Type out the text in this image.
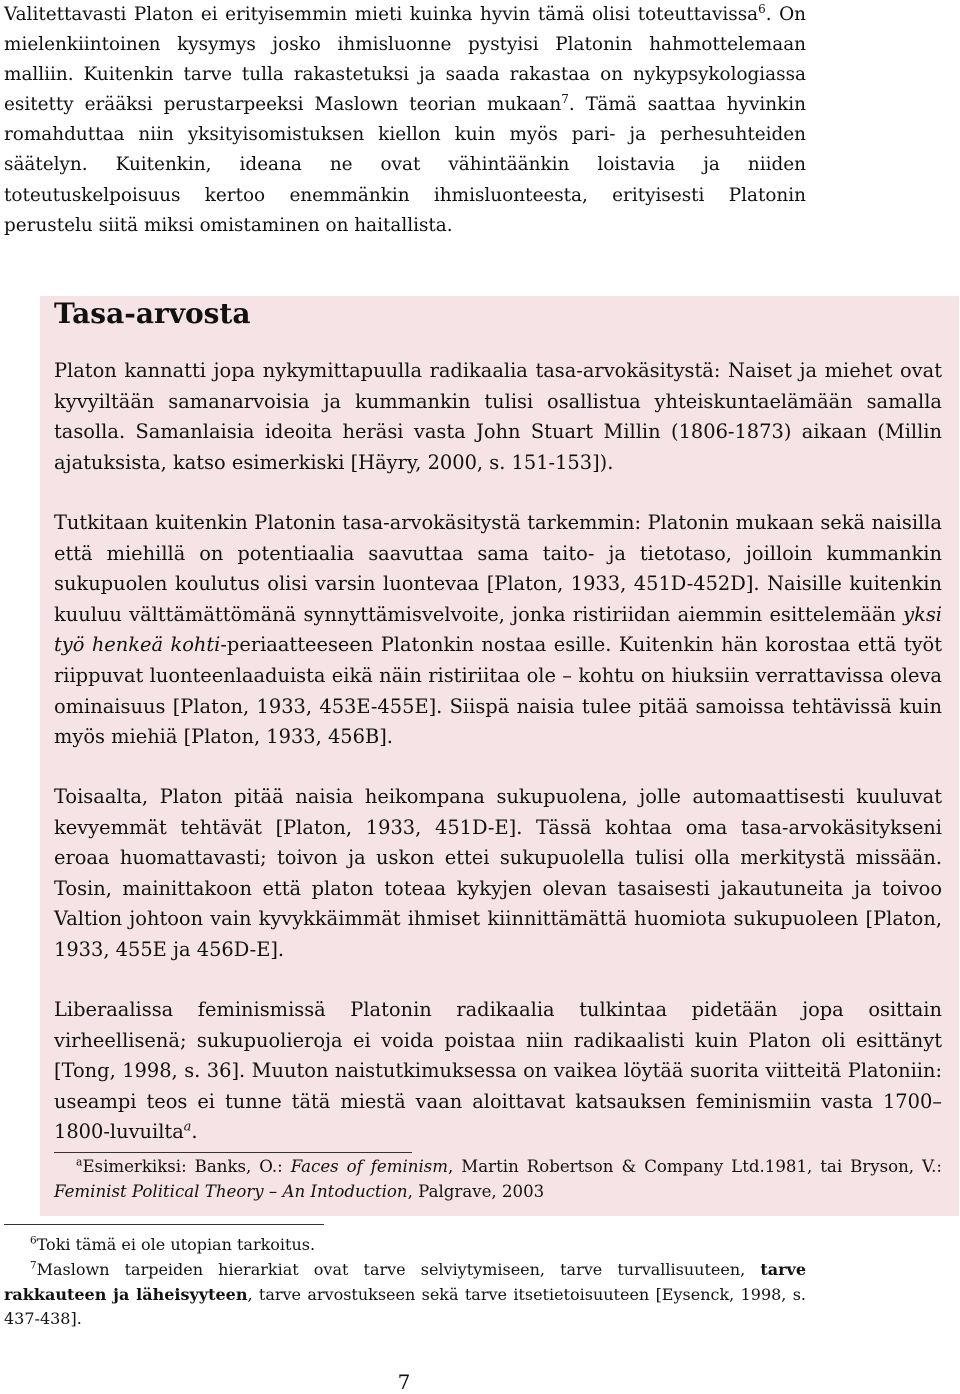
Valitettavasti Platon ei erityisemmin mieti kuinka hyvin tämä olisi toteuttavissa$^6$. On mielenkiintoinen kysymys josko ihmisluonne pystyisi Platonin hahmottelemaan malliin. Kuitenkin tarve tulla rakastetuksi ja saada rakastaa on nykypsykologiassa esitetty erääksi perustarpeeksi Maslown teorian mukaan$^7$. Tämä saattaa hyvinkin romahduttaa niin yksityisomistuksen kiellon kuin myös pari- ja perhesuhteiden säätelyn. Kuitenkin, ideana ne ovat vähintäänkin loistavia ja niiden toteutuskelpoisuus kertoo enemmänkin ihmisluonteesta, erityisesti Platonin perustelu siitä miksi omistaminen on haitallista.

Tasa-arvosta

Platon kannatti jopa nykymittapuulla radikaalia tasa-arvokäsitystä: Naiset ja miehet ovat kyvyiltään samanarvoisia ja kummankin tulisi osallistua yhteiskuntaelämään samalla tasolla. Samanlaisia ideoita heräsi vasta John Stuart Millin (1806-1873) aikaan (Millin ajatuksista, katso esimerkiski [Häyry, 2000, s. 151-153]).

Tutkitaan kuitenkin Platonin tasa-arvokäsitystä tarkemmin: Platonin mukaan sekä naisilla että miehillä on potentiaalia saavuttaa sama taito- ja tietotaso, joilloin kummankin sukupuolen koulutus olisi varsin luontevaa [Platon, 1933, 451D-452D]. Naisille kuitenkin kuuluu välttämättömänä synnyttämisvelvoite, jonka ristiriidan aiemmin esittelemään yksi työ henkeä kohti-periaatteeseen Platonkin nostaa esille. Kuitenkin hän korostaa että työt riippuvat luonteenlaaduista eikä näin ristiriitaa ole – kohtu on hiuksiin verrattavissa oleva ominaisuus [Platon, 1933, 453E-455E]. Siispä naisia tulee pitää samoissa tehtävissä kuin myös miehiä [Platon, 1933, 456B].

Toisaalta, Platon pitää naisia heikompana sukupuolena, jolle automaattisesti kuuluvat kevyemmät tehtävät [Platon, 1933, 451D-E]. Tässä kohtaa oma tasa-arvokäsitykseni eroaa huomattavasti; toivon ja uskon ettei sukupuolella tulisi olla merkitystä missään. Tosin, mainittakoon että platon toteaa kykyjen olevan tasaisesti jakautuneita ja toivoo Valtion johtoon vain kyvykkäimmät ihmiset kiinnittämättä huomiota sukupuoleen [Platon, 1933, 455E ja 456D-E].

Liberaalissa feminismissä Platonin radikaalia tulkintaa pidetään jopa osittain virheellisenä; sukupuolieroja ei voida poistaa niin radikaalisti kuin Platon oli esittänyt [Tong, 1998, s. 36]. Muuton naistutkimuksessa on vaikea löytää suorita viitteitä Platoniin: useampi teos ei tunne tätä miestä vaan aloittavat katsauksen feminismiin vasta 1700–1800-luvuilta$^a$.

$^a$Esimerkiksi: Banks, O.: Faces of feminism, Martin Robertson & Company Ltd.1981, tai Bryson, V.: Feminist Political Theory – An Intoduction, Palgrave, 2003

$^6$Toki tämä ei ole utopian tarkoitus.

$^7$Maslown tarpeiden hierarkiat ovat tarve selviytymiseen, tarve turvallisuuteen, tarve rakkauteen ja läheisyyteen, tarve arvostukseen sekä tarve itsetietoisuuteen [Eysenck, 1998, s. 437-438].

7
